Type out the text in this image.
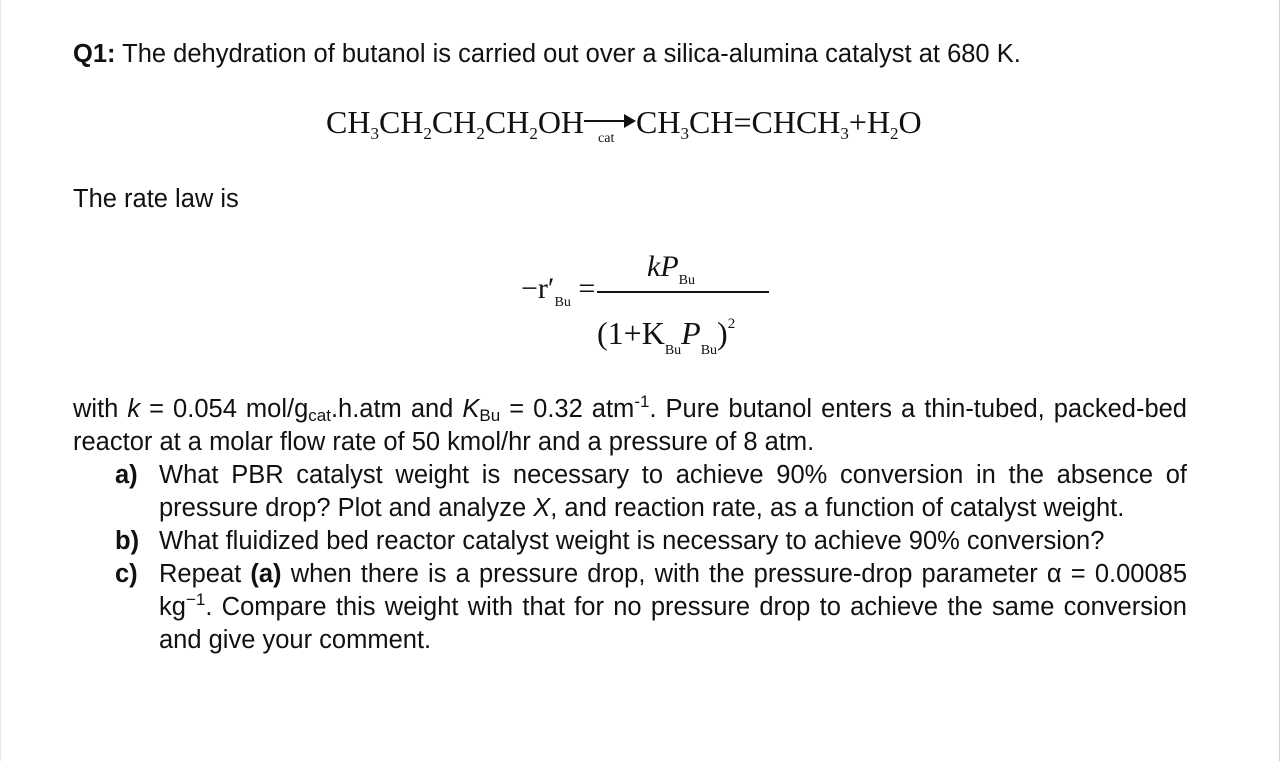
Q1: The dehydration of butanol is carried out over a silica-alumina catalyst at 680 K.
$CH_3CH_2CH_2CH_2OH$ cat $CH_3CH=CHCH_3+H_2O$
The rate law is
$-r'_{Bu}$ =
$kP_{Bu}$
$(1+K_{Bu}P_{Bu})^2$
with k = 0.054 mol/$g_{cat}.h.atm$ and $K_{Bu} = 0.32$ atm$^{-1}$. Pure butanol enters a thin-tubed, packed-bed reactor at a molar flow rate of 50 kmol/hr and a pressure of 8 atm.
a) What PBR catalyst weight is necessary to achieve 90% conversion in the absence of pressure drop? Plot and analyze X, and reaction rate, as a function of catalyst weight.
b) What fluidized bed reactor catalyst weight is necessary to achieve 90% conversion?
c) Repeat (a) when there is a pressure drop, with the pressure-drop parameter α = 0.00085 $kg^{-1}$. Compare this weight with that for no pressure drop to achieve the same conversion and give your comment.
